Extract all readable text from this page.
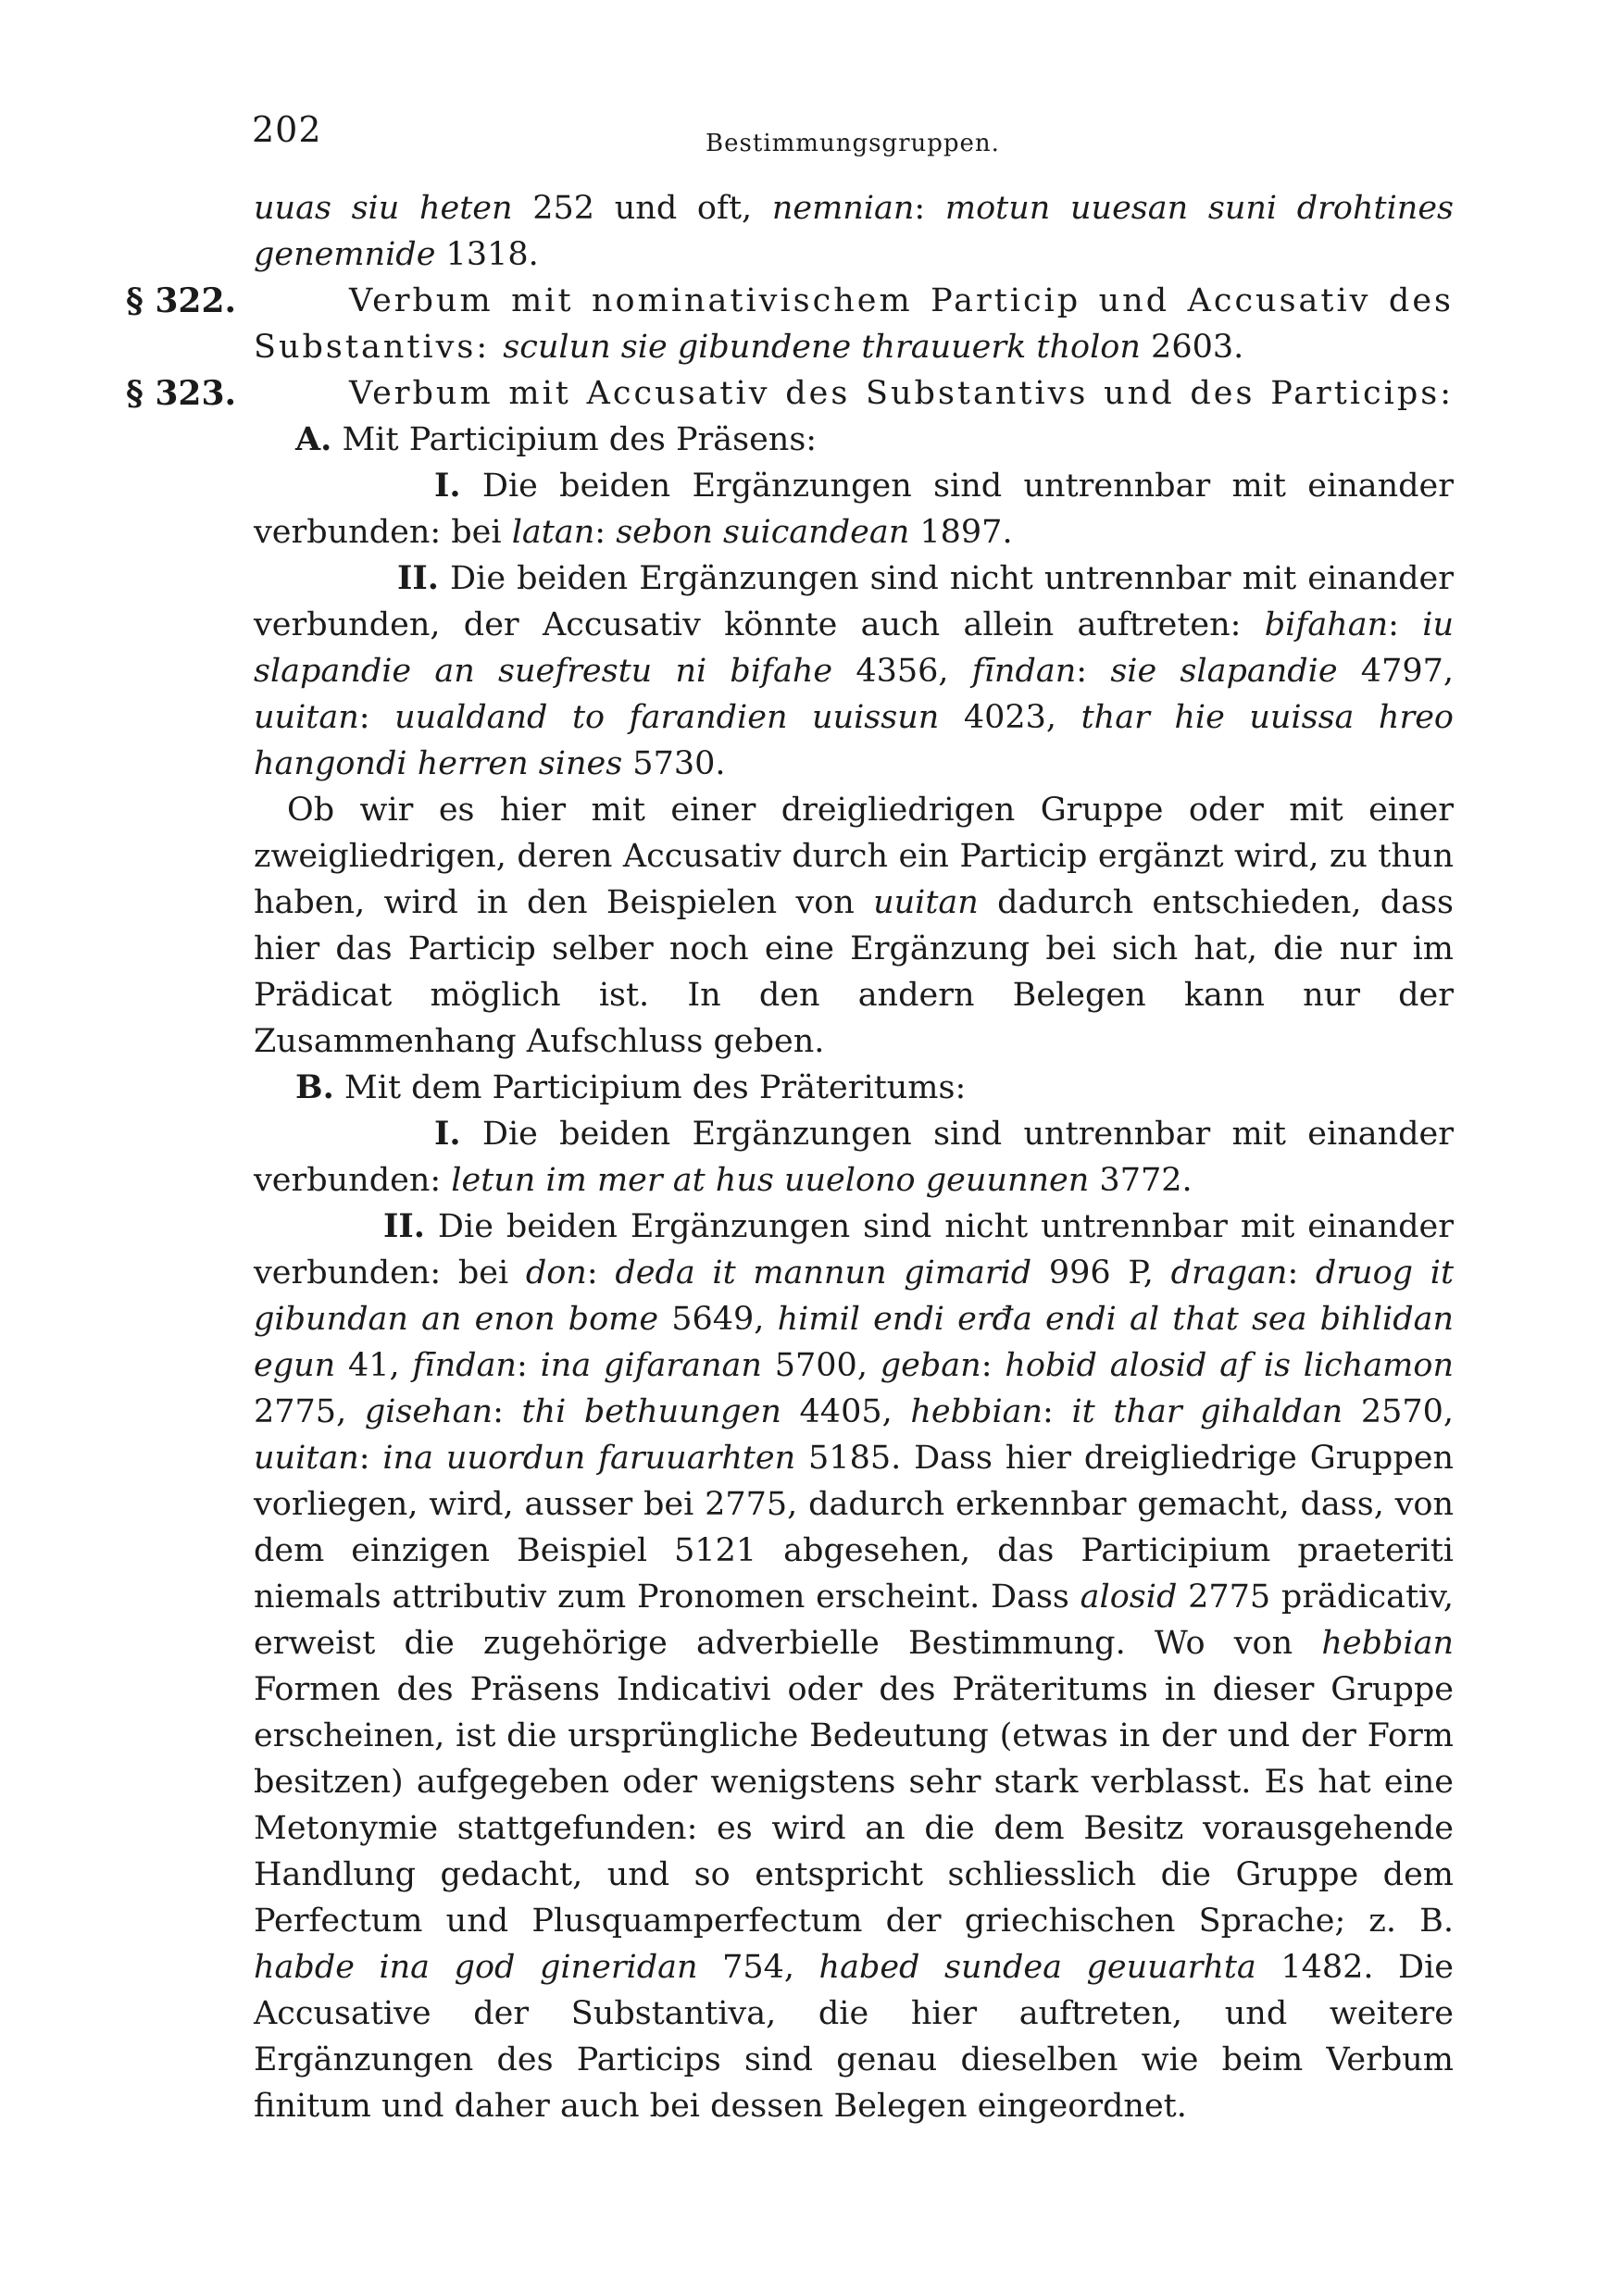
202	Bestimmungsgruppen.

uuas siu heten 252 und oft, nemnian: motun uuesan suni drohtines genemnide 1318.

§ 322.	Verbum mit nominativischem Particip und Accusativ des Substantivs: sculun sie gibundene thrauuerk tholon 2603.

§ 323.	Verbum mit Accusativ des Substantivs und des Particips:

A. Mit Participium des Präsens:

I. Die beiden Ergänzungen sind untrennbar mit einander verbunden: bei latan: sebon suicandean 1897.

II. Die beiden Ergänzungen sind nicht untrennbar mit einander verbunden, der Accusativ könnte auch allein auftreten: bifahan: iu slapandie an suefrestu ni bifahe 4356, fīndan: sie slapandie 4797, uuitan: uualdand to farandien uuissun 4023, thar hie uuissa hreo hangondi herren sines 5730.

Ob wir es hier mit einer dreigliedrigen Gruppe oder mit einer zweigliedrigen, deren Accusativ durch ein Particip ergänzt wird, zu thun haben, wird in den Beispielen von uuitan dadurch entschieden, dass hier das Particip selber noch eine Ergänzung bei sich hat, die nur im Prädicat möglich ist. In den andern Belegen kann nur der Zusammenhang Aufschluss geben.

B. Mit dem Participium des Präteritums:

I. Die beiden Ergänzungen sind untrennbar mit einander verbunden: letun im mer at hus uuelono geuunnen 3772.

II. Die beiden Ergänzungen sind nicht untrennbar mit einander verbunden: bei don: deda it mannun gimarid 996 P, dragan: druog it gibundan an enon bome 5649, himil endi erđa endi al that sea bihlidan egun 41, fīndan: ina gifaranan 5700, geban: hobid alosid af is lichamon 2775, gisehan: thi bethuungen 4405, hebbian: it thar gihaldan 2570, uuitan: ina uuordun faruuarhten 5185. Dass hier dreigliedrige Gruppen vorliegen, wird, ausser bei 2775, dadurch erkennbar gemacht, dass, von dem einzigen Beispiel 5121 abgesehen, das Participium praeteriti niemals attributiv zum Pronomen erscheint. Dass alosid 2775 prädicativ, erweist die zugehörige adverbielle Bestimmung. Wo von hebbian Formen des Präsens Indicativi oder des Präteritums in dieser Gruppe erscheinen, ist die ursprüngliche Bedeutung (etwas in der und der Form besitzen) aufgegeben oder wenigstens sehr stark verblasst. Es hat eine Metonymie stattgefunden: es wird an die dem Besitz vorausgehende Handlung gedacht, und so entspricht schliesslich die Gruppe dem Perfectum und Plusquamperfectum der griechischen Sprache; z. B. habde ina god gineridan 754, habed sundea geuuarhta 1482. Die Accusative der Substantiva, die hier auftreten, und weitere Ergänzungen des Particips sind genau dieselben wie beim Verbum finitum und daher auch bei dessen Belegen eingeordnet.
